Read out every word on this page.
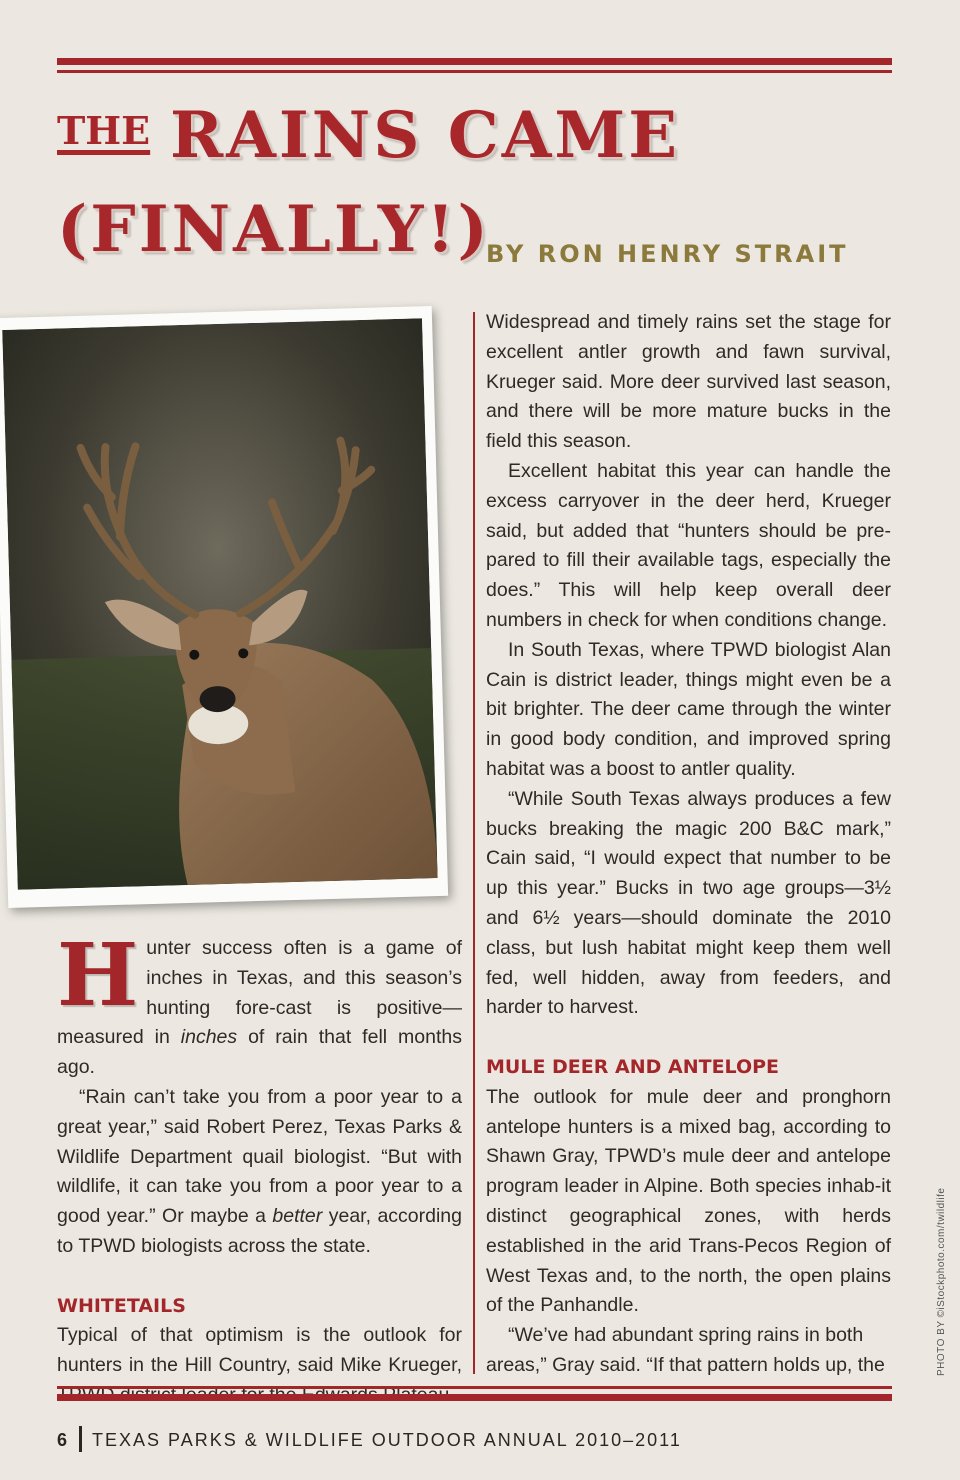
THE RAINS CAME
(FINALLY!)
BY RON HENRY STRAIT

Hunter success often is a game of inches in Texas, and this season’s hunting fore-cast is positive—measured in inches of rain that fell months ago.

“Rain can’t take you from a poor year to a great year,” said Robert Perez, Texas Parks & Wildlife Department quail biologist. “But with wildlife, it can take you from a poor year to a good year.” Or maybe a better year, according to TPWD biologists across the state.

WHITETAILS

Typical of that optimism is the outlook for hunters in the Hill Country, said Mike Krueger,

Widespread and timely rains set the stage for excellent antler growth and fawn survival, Krueger said. More deer survived last season, and there will be more mature bucks in the field this season.

Excellent habitat this year can handle the excess carryover in the deer herd, Krueger said, but added that “hunters should be pre-pared to fill their available tags, especially the does.” This will help keep overall deer numbers in check for when conditions change.

In South Texas, where TPWD biologist Alan Cain is district leader, things might even be a bit brighter. The deer came through the winter in good body condition, and improved spring habitat was a boost to antler quality.

“While South Texas always produces a few bucks breaking the magic 200 B&C mark,” Cain said, “I would expect that number to be up this year.” Bucks in two age groups—3½ and 6½ years—should dominate the 2010 class, but lush habitat might keep them well fed, well hidden, away from feeders, and harder to harvest.

MULE DEER AND ANTELOPE

The outlook for mule deer and pronghorn antelope hunters is a mixed bag, according to Shawn Gray, TPWD’s mule deer and antelope program leader in Alpine. Both species inhab-it distinct geographical zones, with herds established in the arid Trans-Pecos Region of West Texas and, to the north, the open plains of the Panhandle.

“We’ve had abundant spring rains in both areas,” Gray said. “If that pattern holds up, the	PHOTO BY ©iStockphoto.com/twildlife
6 TEXAS PARKS & WILDLIFE OUTDOOR ANNUAL 2010–2011
